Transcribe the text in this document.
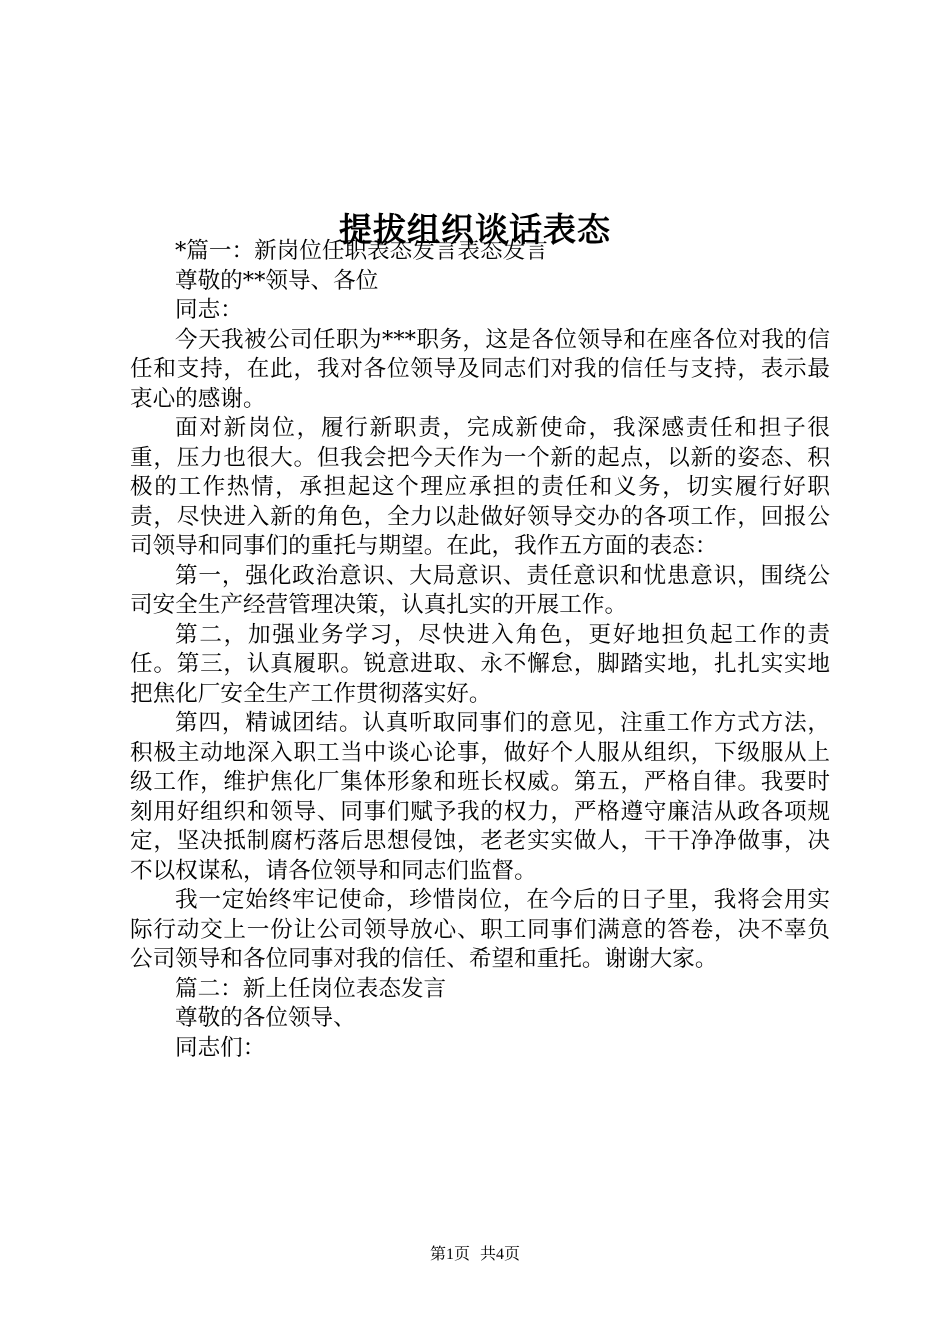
提拔组织谈话表态

*篇一：新岗位任职表态发言表态发言

尊敬的**领导、各位

同志：

今天我被公司任职为***职务，这是各位领导和在座各位对我的信任和支持，在此，我对各位领导及同志们对我的信任与支持，表示最衷心的感谢。

面对新岗位，履行新职责，完成新使命，我深感责任和担子很重，压力也很大。但我会把今天作为一个新的起点，以新的姿态、积极的工作热情，承担起这个理应承担的责任和义务，切实履行好职责，尽快进入新的角色，全力以赴做好领导交办的各项工作，回报公司领导和同事们的重托与期望。在此，我作五方面的表态：

第一，强化政治意识、大局意识、责任意识和忧患意识，围绕公司安全生产经营管理决策，认真扎实的开展工作。

第二，加强业务学习，尽快进入角色，更好地担负起工作的责任。第三，认真履职。锐意进取、永不懈怠，脚踏实地，扎扎实实地把焦化厂安全生产工作贯彻落实好。

第四，精诚团结。认真听取同事们的意见，注重工作方式方法，积极主动地深入职工当中谈心论事，做好个人服从组织，下级服从上级工作，维护焦化厂集体形象和班长权威。第五，严格自律。我要时刻用好组织和领导、同事们赋予我的权力，严格遵守廉洁从政各项规定，坚决抵制腐朽落后思想侵蚀，老老实实做人，干干净净做事，决不以权谋私，请各位领导和同志们监督。

我一定始终牢记使命，珍惜岗位，在今后的日子里，我将会用实际行动交上一份让公司领导放心、职工同事们满意的答卷，决不辜负公司领导和各位同事对我的信任、希望和重托。谢谢大家。

篇二：新上任岗位表态发言

尊敬的各位领导、

同志们：

第1页 共4页
